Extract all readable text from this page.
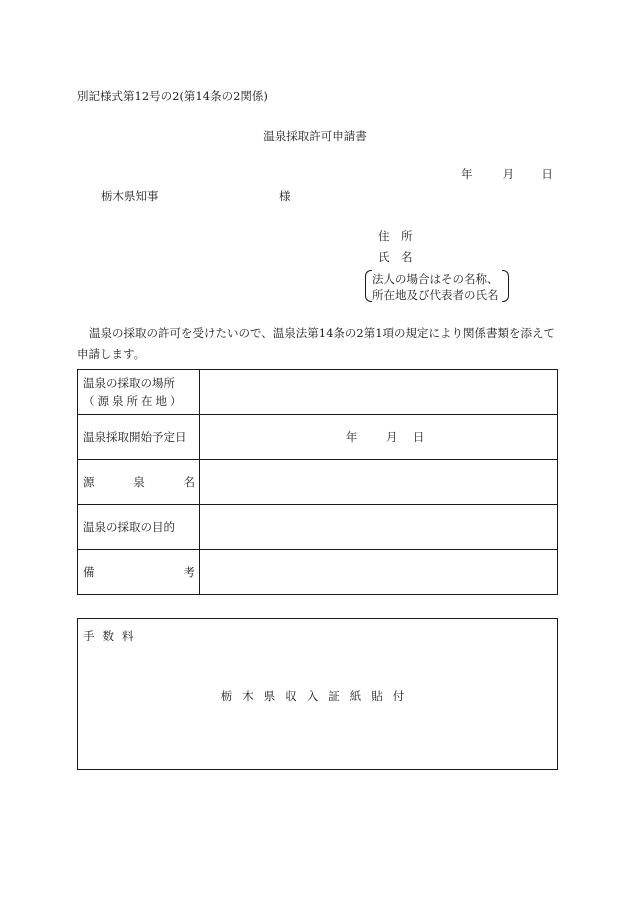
別記様式第12号の2(第14条の2関係)
温泉採取許可申請書
年	月 日
栃木県知事	様
住　所
氏　名
法人の場合はその名称、
所在地及び代表者の氏名
温泉の採取の許可を受けたいので、温泉法第14条の2第1項の規定により関係書類を添えて申請します。
温泉の採取の場所
（源泉所在地）	

温泉採取開始予定日	年 月 日

源 泉 名	

温泉の採取の目的	

備 考	

手数料
栃木県収入証紙貼付
